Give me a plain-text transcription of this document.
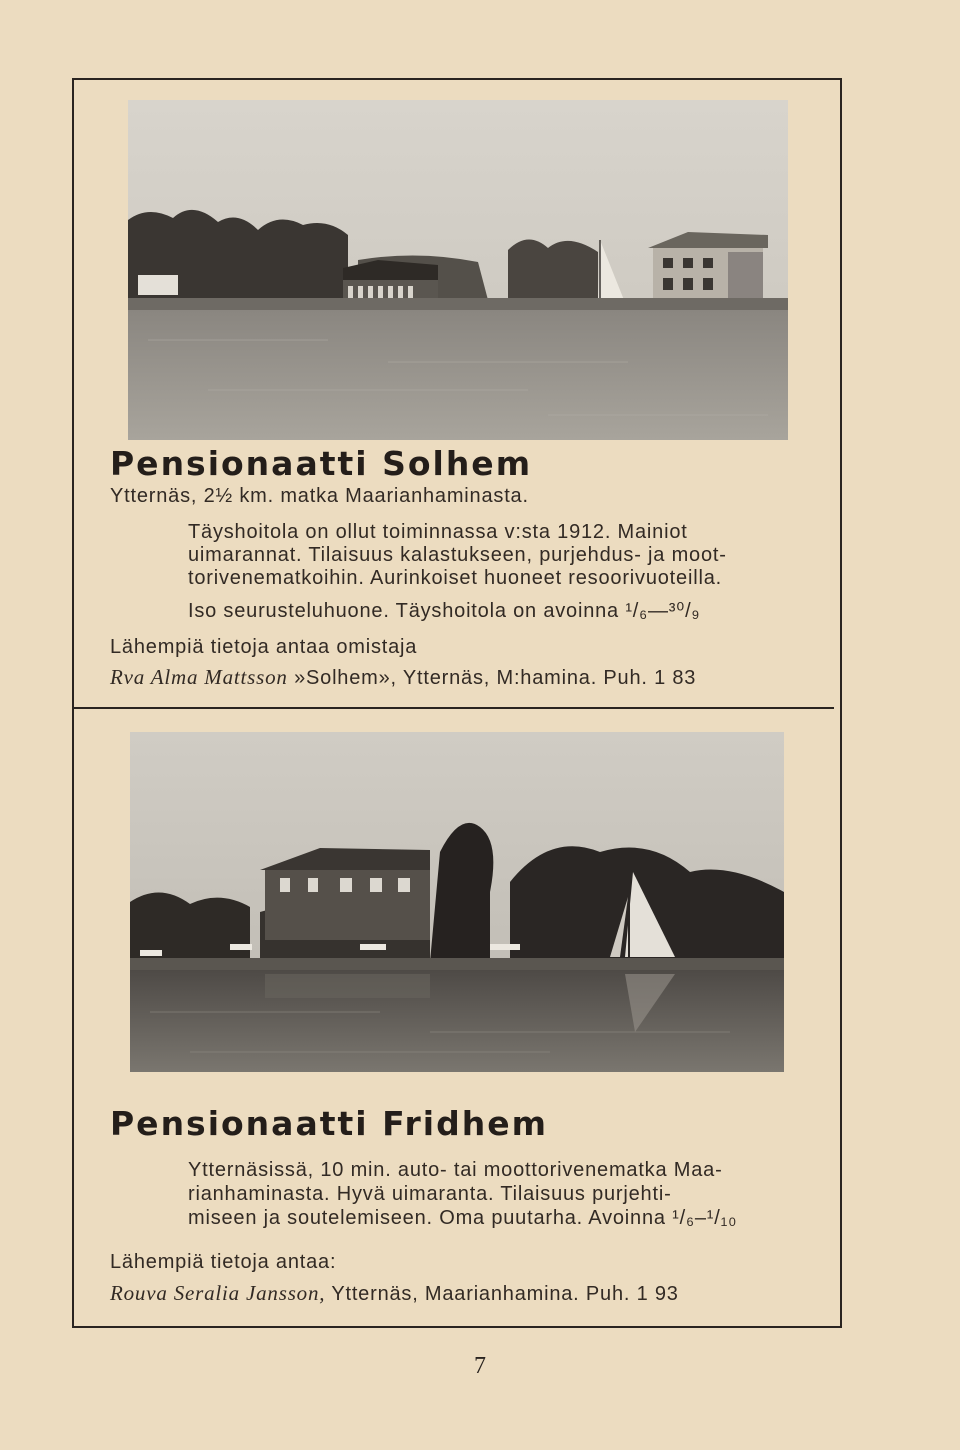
Pensionaatti Solhem

Ytternäs, 2½ km. matka Maarianhaminasta.

Täyshoitola on ollut toiminnassa v:sta 1912. Mainiot

uimarannat. Tilaisuus kalastukseen, purjehdus- ja moot-

torivenematkoihin. Aurinkoiset huoneet resoorivuoteilla.

Iso seurusteluhuone. Täyshoitola on avoinna ¹/₆—³⁰/₉

Lähempiä tietoja antaa omistaja

Rva Alma Mattsson »Solhem», Ytternäs, M:hamina. Puh. 1 83

Pensionaatti Fridhem

Ytternäsissä, 10 min. auto- tai moottorivenematka Maa-

rianhaminasta. Hyvä uimaranta. Tilaisuus purjehti-

miseen ja soutelemiseen. Oma puutarha. Avoinna ¹/₆–¹/₁₀

Lähempiä tietoja antaa:

Rouva Seralia Jansson, Ytternäs, Maarianhamina. Puh. 1 93

7
